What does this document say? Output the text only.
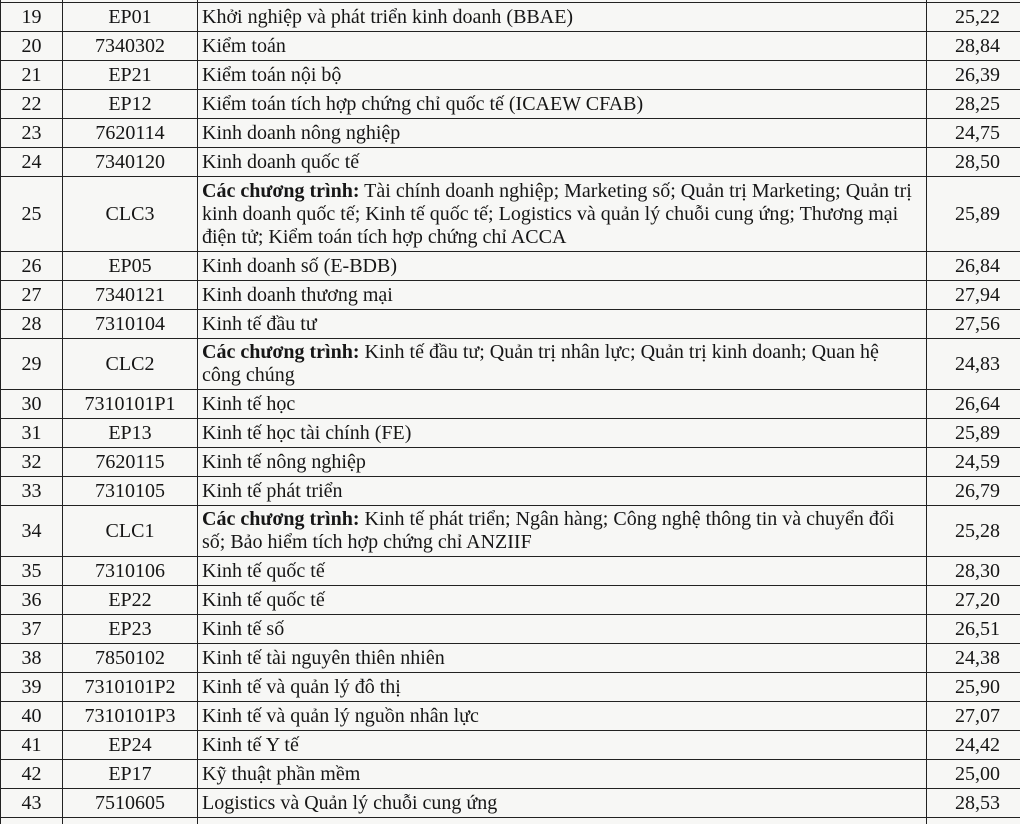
19	EP01	Khởi nghiệp và phát triển kinh doanh (BBAE)	25,22
20	7340302	Kiểm toán	28,84
21	EP21	Kiểm toán nội bộ	26,39
22	EP12	Kiểm toán tích hợp chứng chỉ quốc tế (ICAEW CFAB)	28,25
23	7620114	Kinh doanh nông nghiệp	24,75
24	7340120	Kinh doanh quốc tế	28,50
25	CLC3	Các chương trình: Tài chính doanh nghiệp; Marketing số; Quản trị Marketing; Quản trị kinh doanh quốc tế; Kinh tế quốc tế; Logistics và quản lý chuỗi cung ứng; Thương mại điện tử; Kiểm toán tích hợp chứng chỉ ACCA	25,89
26	EP05	Kinh doanh số (E-BDB)	26,84
27	7340121	Kinh doanh thương mại	27,94
28	7310104	Kinh tế đầu tư	27,56
29	CLC2	Các chương trình: Kinh tế đầu tư; Quản trị nhân lực; Quản trị kinh doanh; Quan hệ công chúng	24,83
30	7310101P1	Kinh tế học	26,64
31	EP13	Kinh tế học tài chính (FE)	25,89
32	7620115	Kinh tế nông nghiệp	24,59
33	7310105	Kinh tế phát triển	26,79
34	CLC1	Các chương trình: Kinh tế phát triển; Ngân hàng; Công nghệ thông tin và chuyển đổi số; Bảo hiểm tích hợp chứng chỉ ANZIIF	25,28
35	7310106	Kinh tế quốc tế	28,30
36	EP22	Kinh tế quốc tế	27,20
37	EP23	Kinh tế số	26,51
38	7850102	Kinh tế tài nguyên thiên nhiên	24,38
39	7310101P2	Kinh tế và quản lý đô thị	25,90
40	7310101P3	Kinh tế và quản lý nguồn nhân lực	27,07
41	EP24	Kinh tế Y tế	24,42
42	EP17	Kỹ thuật phần mềm	25,00
43	7510605	Logistics và Quản lý chuỗi cung ứng	28,53
